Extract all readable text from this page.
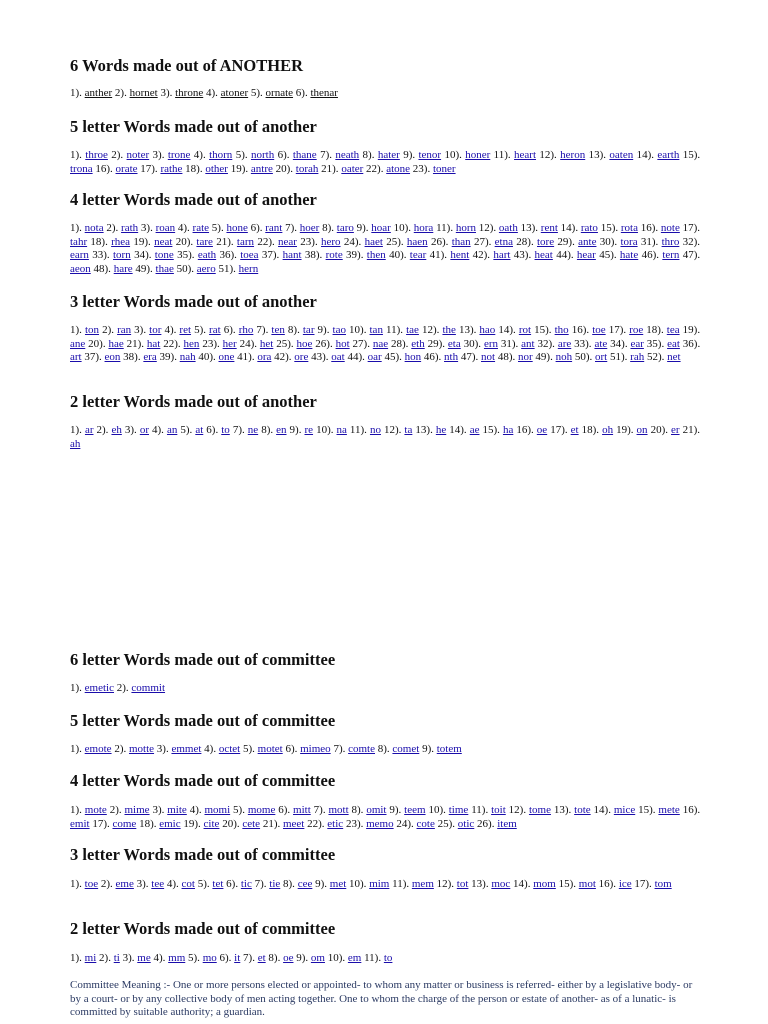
6 Words made out of ANOTHER

1). anther 2). hornet 3). throne 4). atoner 5). ornate 6). thenar

5 letter Words made out of another

1). throe 2). noter 3). trone 4). thorn 5). north 6). thane 7). neath 8). hater 9). tenor 10). honer 11). heart 12). heron 13). oaten 14). earth 15). trona 16). orate 17). rathe 18). other 19). antre 20). torah 21). oater 22). atone 23). toner

4 letter Words made out of another

1). nota 2). rath 3). roan 4). rate 5). hone 6). rant 7). hoer 8). taro 9). hoar 10). hora 11). horn 12). oath 13). rent 14). rato 15). rota 16). note 17). tahr 18). rhea 19). neat 20). tare 21). tarn 22). near 23). hero 24). haet 25). haen 26). than 27). etna 28). tore 29). ante 30). tora 31). thro 32). earn 33). torn 34). tone 35). eath 36). toea 37). hant 38). rote 39). then 40). tear 41). hent 42). hart 43). heat 44). hear 45). hate 46). tern 47). aeon 48). hare 49). thae 50). aero 51). hern

3 letter Words made out of another

1). ton 2). ran 3). tor 4). ret 5). rat 6). rho 7). ten 8). tar 9). tao 10). tan 11). tae 12). the 13). hao 14). rot 15). tho 16). toe 17). roe 18). tea 19). ane 20). hae 21). hat 22). hen 23). her 24). het 25). hoe 26). hot 27). nae 28). eth 29). eta 30). ern 31). ant 32). are 33). ate 34). ear 35). eat 36). art 37). eon 38). era 39). nah 40). one 41). ora 42). ore 43). oat 44). oar 45). hon 46). nth 47). not 48). nor 49). noh 50). ort 51). rah 52). net

2 letter Words made out of another

1). ar 2). eh 3). or 4). an 5). at 6). to 7). ne 8). en 9). re 10). na 11). no 12). ta 13). he 14). ae 15). ha 16). oe 17). et 18). oh 19). on 20). er 21). ah

6 letter Words made out of committee

1). emetic 2). commit

5 letter Words made out of committee

1). emote 2). motte 3). emmet 4). octet 5). motet 6). mimeo 7). comte 8). comet 9). totem

4 letter Words made out of committee

1). mote 2). mime 3). mite 4). momi 5). mome 6). mitt 7). mott 8). omit 9). teem 10). time 11). toit 12). tome 13). tote 14). mice 15). mete 16). emit 17). come 18). emic 19). cite 20). cete 21). meet 22). etic 23). memo 24). cote 25). otic 26). item

3 letter Words made out of committee

1). toe 2). eme 3). tee 4). cot 5). tet 6). tic 7). tie 8). cee 9). met 10). mim 11). mem 12). tot 13). moc 14). mom 15). mot 16). ice 17). tom

2 letter Words made out of committee

1). mi 2). ti 3). me 4). mm 5). mo 6). it 7). et 8). oe 9). om 10). em 11). to

Committee Meaning :- One or more persons elected or appointed- to whom any matter or business is referred- either by a legislative body- or by a court- or by any collective body of men acting together. One to whom the charge of the person or estate of another- as of a lunatic- is committed by suitable authority; a guardian.
